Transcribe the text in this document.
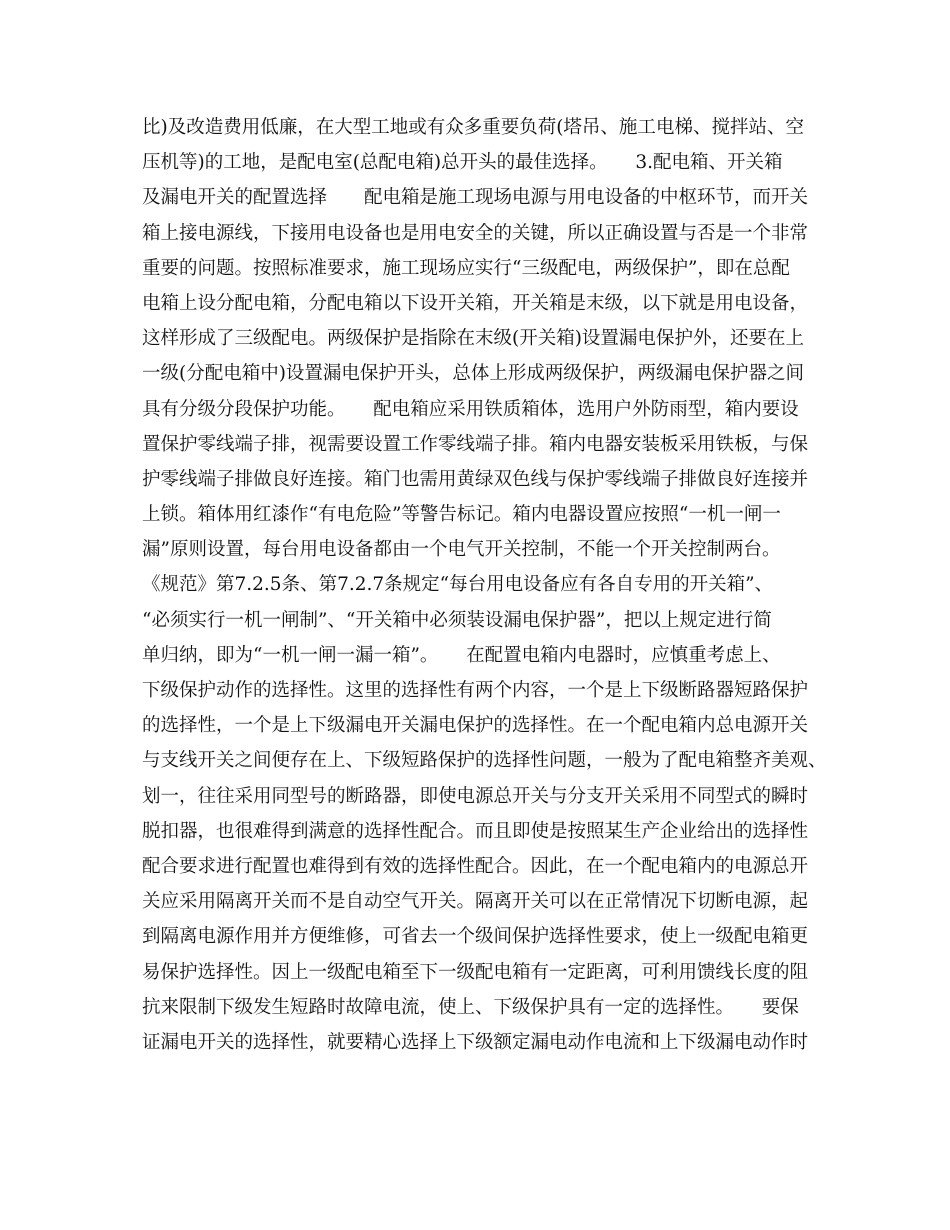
比)及改造费用低廉，在大型工地或有众多重要负荷(塔吊、施工电梯、搅拌站、空
压机等)的工地，是配电室(总配电箱)总开头的最佳选择。　　3.配电箱、开关箱
及漏电开关的配置选择　　配电箱是施工现场电源与用电设备的中枢环节，而开关
箱上接电源线，下接用电设备也是用电安全的关键，所以正确设置与否是一个非常
重要的问题。按照标准要求，施工现场应实行“三级配电，两级保护”，即在总配
电箱上设分配电箱，分配电箱以下设开关箱，开关箱是末级，以下就是用电设备，
这样形成了三级配电。两级保护是指除在末级(开关箱)设置漏电保护外，还要在上
一级(分配电箱中)设置漏电保护开头，总体上形成两级保护，两级漏电保护器之间
具有分级分段保护功能。　　配电箱应采用铁质箱体，选用户外防雨型，箱内要设
置保护零线端子排，视需要设置工作零线端子排。箱内电器安装板采用铁板，与保
护零线端子排做良好连接。箱门也需用黄绿双色线与保护零线端子排做良好连接并
上锁。箱体用红漆作“有电危险”等警告标记。箱内电器设置应按照“一机一闸一
漏”原则设置，每台用电设备都由一个电气开关控制，不能一个开关控制两台。
《规范》第7.2.5条、第7.2.7条规定“每台用电设备应有各自专用的开关箱”、
“必须实行一机一闸制”、“开关箱中必须装设漏电保护器”，把以上规定进行简
单归纳，即为“一机一闸一漏一箱”。　　在配置电箱内电器时，应慎重考虑上、
下级保护动作的选择性。这里的选择性有两个内容，一个是上下级断路器短路保护
的选择性，一个是上下级漏电开关漏电保护的选择性。在一个配电箱内总电源开关
与支线开关之间便存在上、下级短路保护的选择性问题，一般为了配电箱整齐美观、
划一，往往采用同型号的断路器，即使电源总开关与分支开关采用不同型式的瞬时
脱扣器，也很难得到满意的选择性配合。而且即使是按照某生产企业给出的选择性
配合要求进行配置也难得到有效的选择性配合。因此，在一个配电箱内的电源总开
关应采用隔离开关而不是自动空气开关。隔离开关可以在正常情况下切断电源，起
到隔离电源作用并方便维修，可省去一个级间保护选择性要求，使上一级配电箱更
易保护选择性。因上一级配电箱至下一级配电箱有一定距离，可利用馈线长度的阻
抗来限制下级发生短路时故障电流，使上、下级保护具有一定的选择性。　　要保
证漏电开关的选择性，就要精心选择上下级额定漏电动作电流和上下级漏电动作时
